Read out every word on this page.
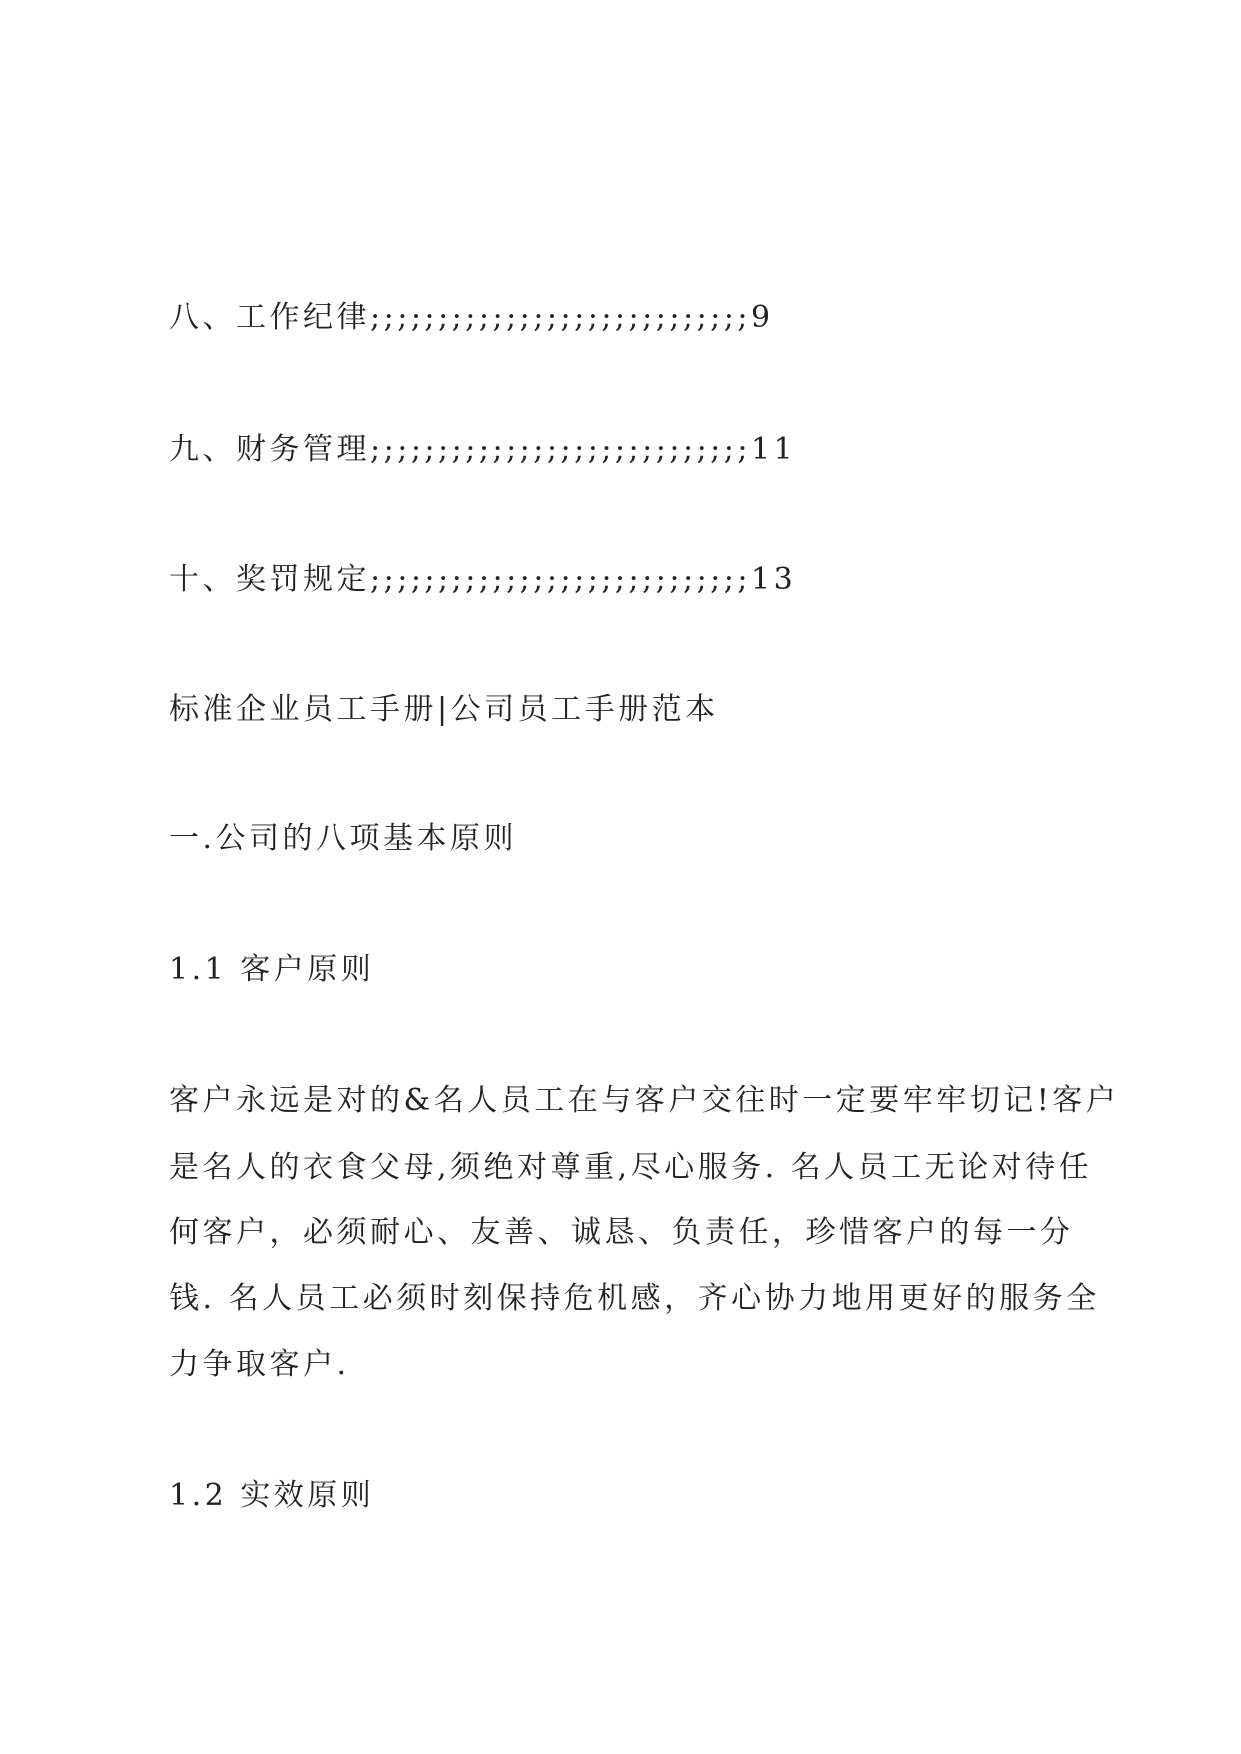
八、工作纪律;;;;;;;;;;;;;;;;;;;;;;;;;;;;9
九、财务管理;;;;;;;;;;;;;;;;;;;;;;;;;;;;11
十、奖罚规定;;;;;;;;;;;;;;;;;;;;;;;;;;;;13
标准企业员工手册|公司员工手册范本
一.公司的八项基本原则
1.1 客户原则
客户永远是对的&名人员工在与客户交往时一定要牢牢切记!客户
是名人的衣食父母,须绝对尊重,尽心服务. 名人员工无论对待任
何客户，必须耐心、友善、诚恳、负责任，珍惜客户的每一分
钱. 名人员工必须时刻保持危机感，齐心协力地用更好的服务全
力争取客户.
1.2 实效原则
